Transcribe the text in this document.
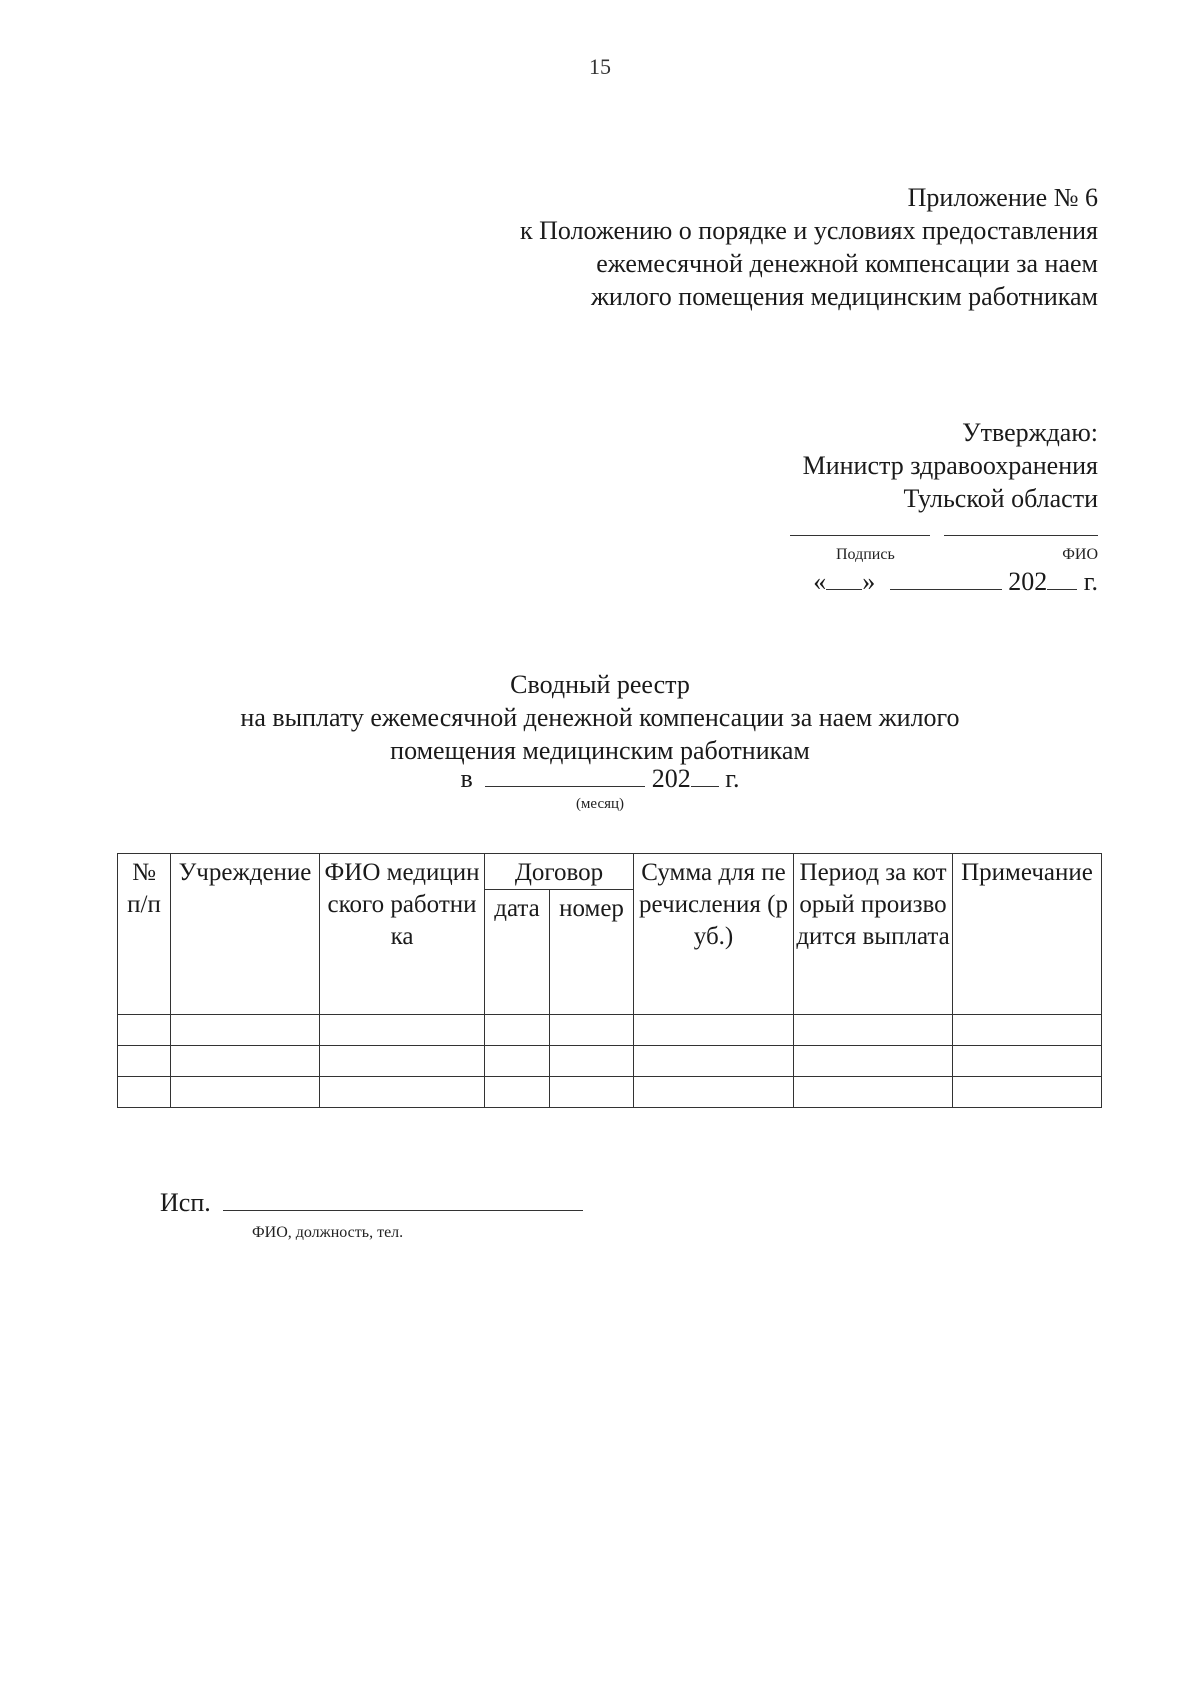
15
Приложение № 6
к Положению о порядке и условиях предоставления
ежемесячной денежной компенсации за наем
жилого помещения медицинским работникам
Утверждаю:
Министр здравоохранения
Тульской области
Подпись	ФИО
« »	202 г.
Сводный реестр
на выплату ежемесячной денежной компенсации за наем жилого
помещения медицинским работникам
в	202 г.
(месяц)
№ п/п	Учреждение	ФИО медицинского работника	Договор		Сумма для перечисления (руб.)	Период за который производится выплата	Примечание
			дата	номер			

Исп.
ФИО, должность, тел.
